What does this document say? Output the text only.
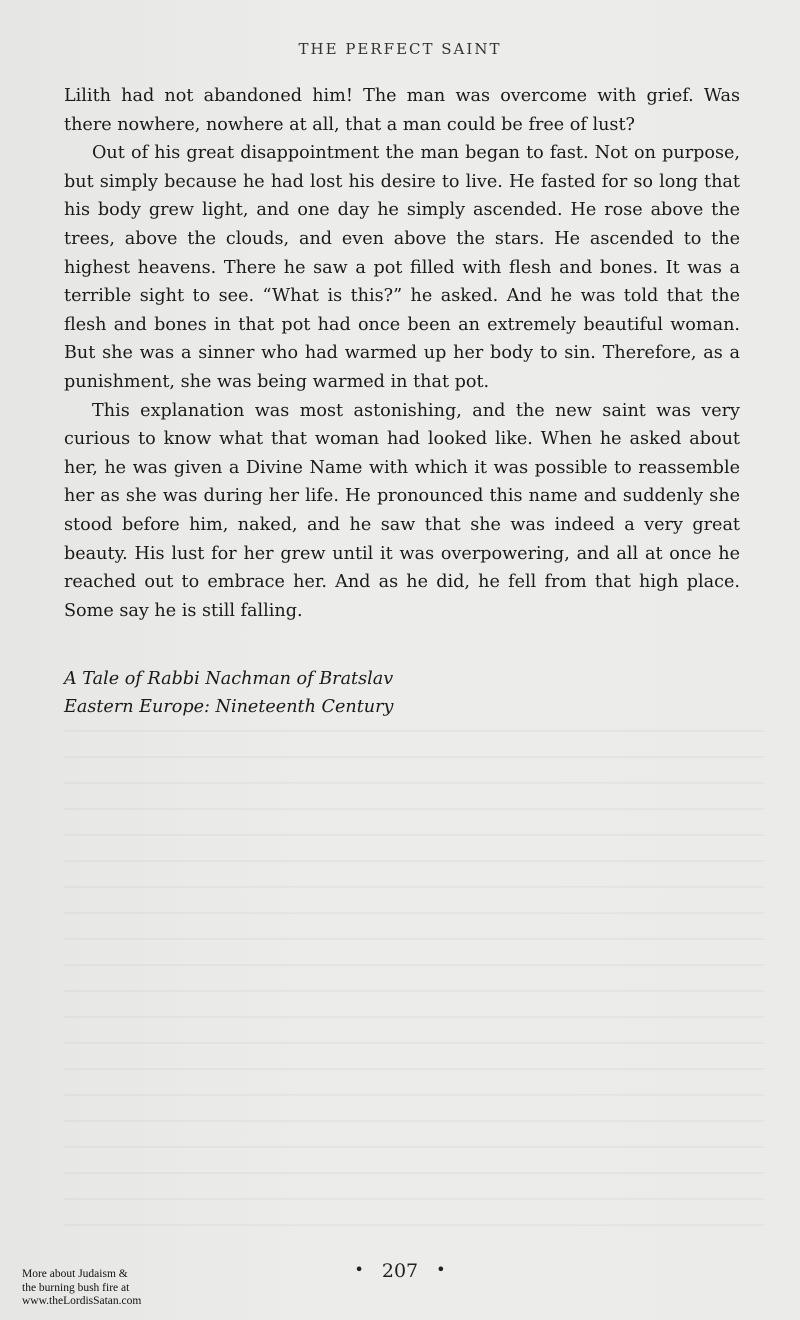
THE PERFECT SAINT

Lilith had not abandoned him! The man was overcome with grief. Was there nowhere, nowhere at all, that a man could be free of lust?

Out of his great disappointment the man began to fast. Not on purpose, but simply because he had lost his desire to live. He fasted for so long that his body grew light, and one day he simply ascended. He rose above the trees, above the clouds, and even above the stars. He ascended to the highest heavens. There he saw a pot filled with flesh and bones. It was a terrible sight to see. “What is this?” he asked. And he was told that the flesh and bones in that pot had once been an extremely beautiful woman. But she was a sinner who had warmed up her body to sin. Therefore, as a punishment, she was being warmed in that pot.

This explanation was most astonishing, and the new saint was very curious to know what that woman had looked like. When he asked about her, he was given a Divine Name with which it was possible to reassemble her as she was during her life. He pronounced this name and suddenly she stood before him, naked, and he saw that she was indeed a very great beauty. His lust for her grew until it was overpowering, and all at once he reached out to embrace her. And as he did, he fell from that high place. Some say he is still falling.

A Tale of Rabbi Nachman of Bratslav
Eastern Europe: Nineteenth Century
• 207 •
More about Judaism &
the burning bush fire at
www.theLordisSatan.com
